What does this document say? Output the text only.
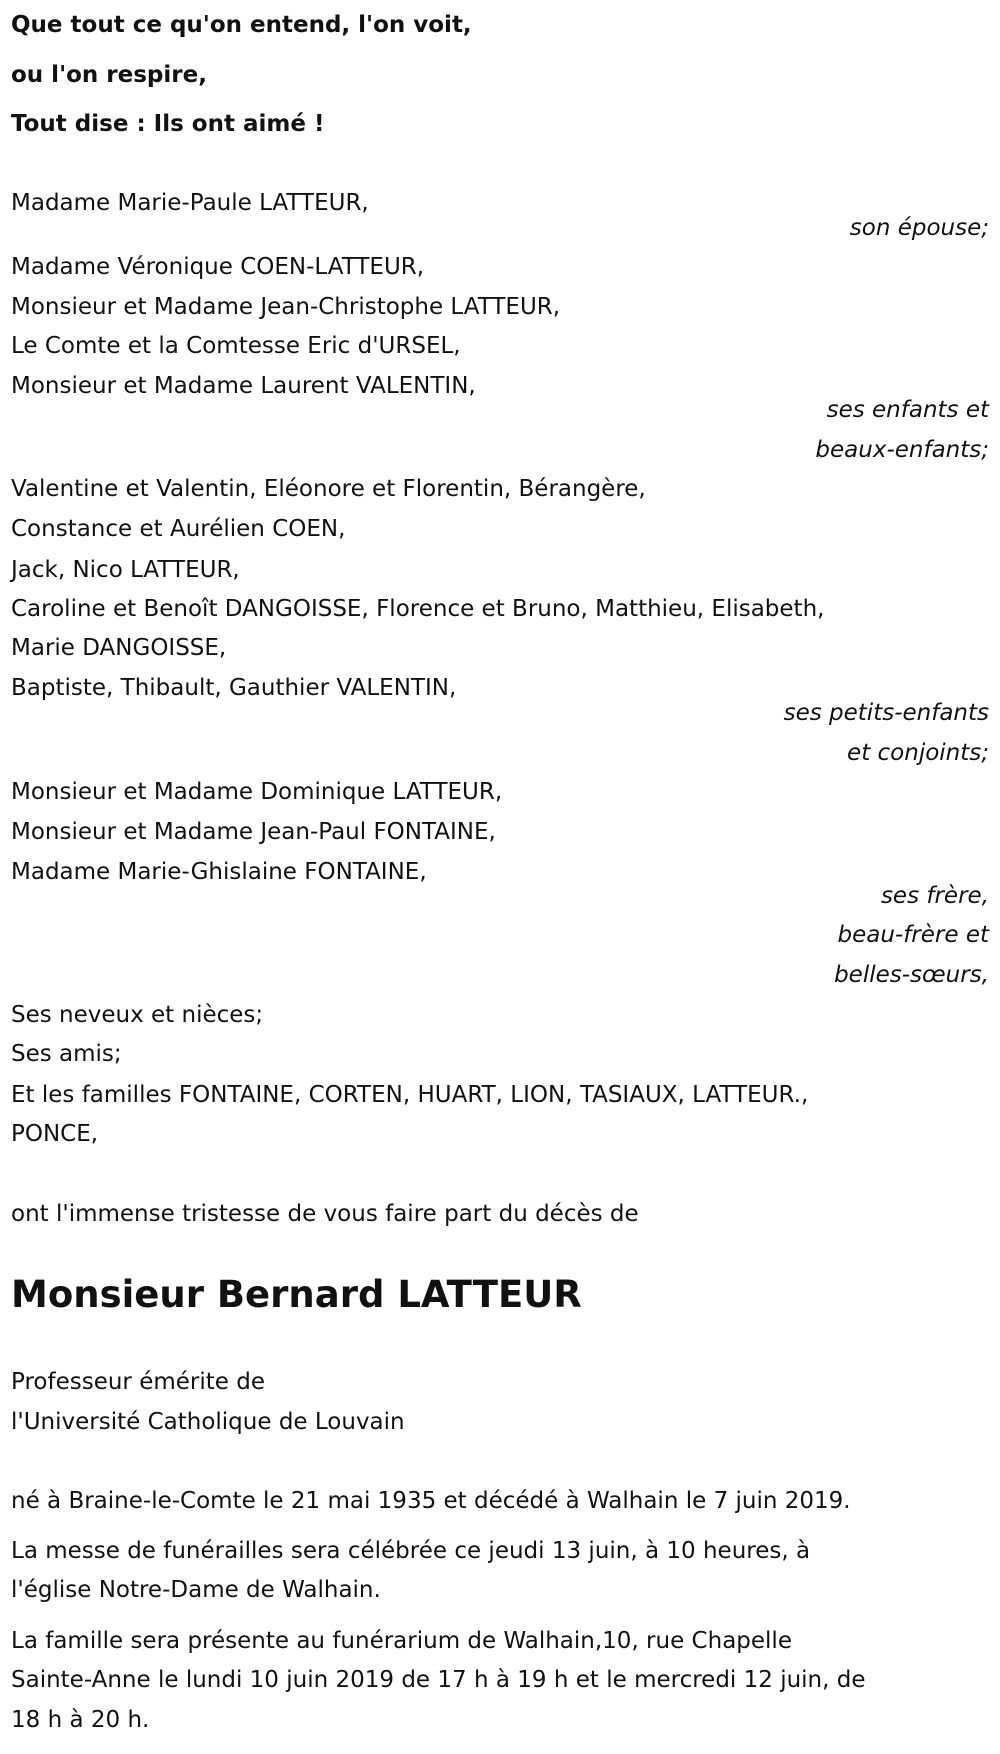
Que tout ce qu'on entend, l'on voit,
ou l'on respire,
Tout dise : Ils ont aimé !
Madame Marie-Paule LATTEUR,
son épouse;
Madame Véronique COEN-LATTEUR,
Monsieur et Madame Jean-Christophe LATTEUR,
Le Comte et la Comtesse Eric d'URSEL,
Monsieur et Madame Laurent VALENTIN,
ses enfants et
beaux-enfants;
Valentine et Valentin, Eléonore et Florentin, Bérangère,
Constance et Aurélien COEN,
Jack, Nico LATTEUR,
Caroline et Benoît DANGOISSE, Florence et Bruno, Matthieu, Elisabeth,
Marie DANGOISSE,
Baptiste, Thibault, Gauthier VALENTIN,
ses petits-enfants
et conjoints;
Monsieur et Madame Dominique LATTEUR,
Monsieur et Madame Jean-Paul FONTAINE,
Madame Marie-Ghislaine FONTAINE,
ses frère,
beau-frère et
belles-sœurs,
Ses neveux et nièces;
Ses amis;
Et les familles FONTAINE, CORTEN, HUART, LION, TASIAUX, LATTEUR.,
PONCE,
ont l'immense tristesse de vous faire part du décès de
Monsieur Bernard LATTEUR
Professeur émérite de
l'Université Catholique de Louvain
né à Braine-le-Comte le 21 mai 1935 et décédé à Walhain le 7 juin 2019.
La messe de funérailles sera célébrée ce jeudi 13 juin, à 10 heures, à
l'église Notre-Dame de Walhain.
La famille sera présente au funérarium de Walhain,10, rue Chapelle
Sainte-Anne le lundi 10 juin 2019 de 17 h à 19 h et le mercredi 12 juin, de
18 h à 20 h.
